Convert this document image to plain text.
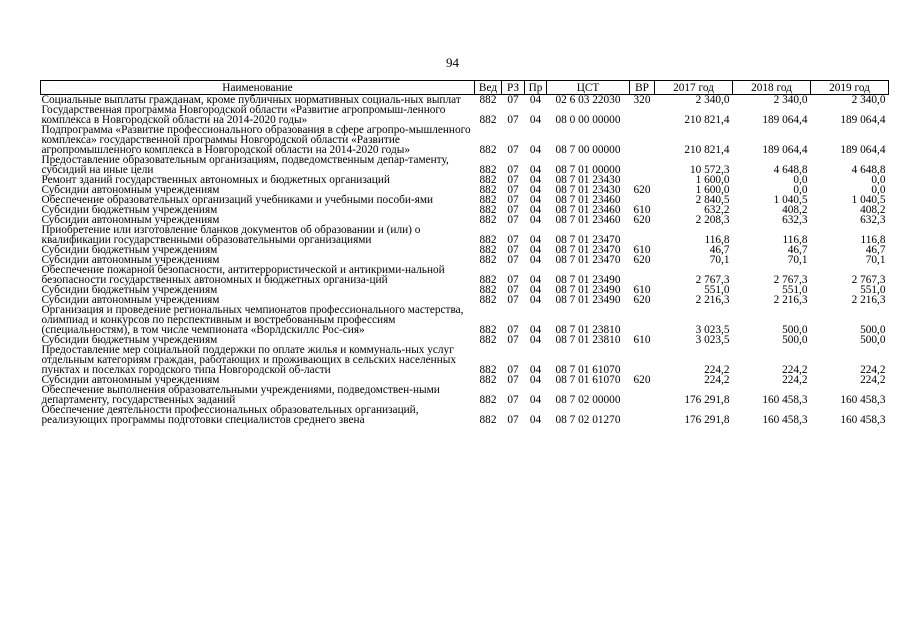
94
Наименование	Вед	РЗ	Пр	ЦСТ	ВР	2017 год	2018 год	2019 год
Социальные выплаты гражданам, кроме публичных нормативных социаль-ных выплат	882	07	04	02 6 03 22030	320	2 340,0	2 340,0	2 340,0
Государственная программа Новгородской области «Развитие агропромыш-ленного комплекса в Новгородской области на 2014-2020 годы»	882	07	04	08 0 00 00000		210 821,4	189 064,4	189 064,4
Подпрограмма «Развитие профессионального образования в сфере агропро-мышленного комплекса» государственной программы Новгородской области «Развитие агропромышленного комплекса в Новгородской области на 2014-2020 годы»	882	07	04	08 7 00 00000		210 821,4	189 064,4	189 064,4
Предоставление образовательным организациям, подведомственным депар-таменту, субсидий на иные цели	882	07	04	08 7 01 00000		10 572,3	4 648,8	4 648,8
Ремонт зданий государственных автономных и бюджетных организаций	882	07	04	08 7 01 23430		1 600,0	0,0	0,0
Субсидии автономным учреждениям	882	07	04	08 7 01 23430	620	1 600,0	0,0	0,0
Обеспечение образовательных организаций учебниками и учебными пособи-ями	882	07	04	08 7 01 23460		2 840,5	1 040,5	1 040,5
Субсидии бюджетным учреждениям	882	07	04	08 7 01 23460	610	632,2	408,2	408,2
Субсидии автономным учреждениям	882	07	04	08 7 01 23460	620	2 208,3	632,3	632,3
Приобретение или изготовление бланков документов об образовании и (или) о квалификации государственными образовательными организациями	882	07	04	08 7 01 23470		116,8	116,8	116,8
Субсидии бюджетным учреждениям	882	07	04	08 7 01 23470	610	46,7	46,7	46,7
Субсидии автономным учреждениям	882	07	04	08 7 01 23470	620	70,1	70,1	70,1
Обеспечение пожарной безопасности, антитеррористической и антикрими-нальной безопасности государственных автономных и бюджетных организа-ций	882	07	04	08 7 01 23490		2 767,3	2 767,3	2 767,3
Субсидии бюджетным учреждениям	882	07	04	08 7 01 23490	610	551,0	551,0	551,0
Субсидии автономным учреждениям	882	07	04	08 7 01 23490	620	2 216,3	2 216,3	2 216,3
Организация и проведение региональных чемпионатов профессионального мастерства, олимпиад и конкурсов по перспективным и востребованным профессиям (специальностям), в том числе чемпионата «Ворлдскиллс Рос-сия»	882	07	04	08 7 01 23810		3 023,5	500,0	500,0
Субсидии бюджетным учреждениям	882	07	04	08 7 01 23810	610	3 023,5	500,0	500,0
Предоставление мер социальной поддержки по оплате жилья и коммуналь-ных услуг отдельным категориям граждан, работающих и проживающих в сельских населенных пунктах и поселках городского типа Новгородской об-ласти	882	07	04	08 7 01 61070		224,2	224,2	224,2
Субсидии автономным учреждениям	882	07	04	08 7 01 61070	620	224,2	224,2	224,2
Обеспечение выполнения образовательными учреждениями, подведомствен-ными департаменту, государственных заданий	882	07	04	08 7 02 00000		176 291,8	160 458,3	160 458,3
Обеспечение деятельности профессиональных образовательных организаций, реализующих программы подготовки специалистов среднего звена	882	07	04	08 7 02 01270		176 291,8	160 458,3	160 458,3
